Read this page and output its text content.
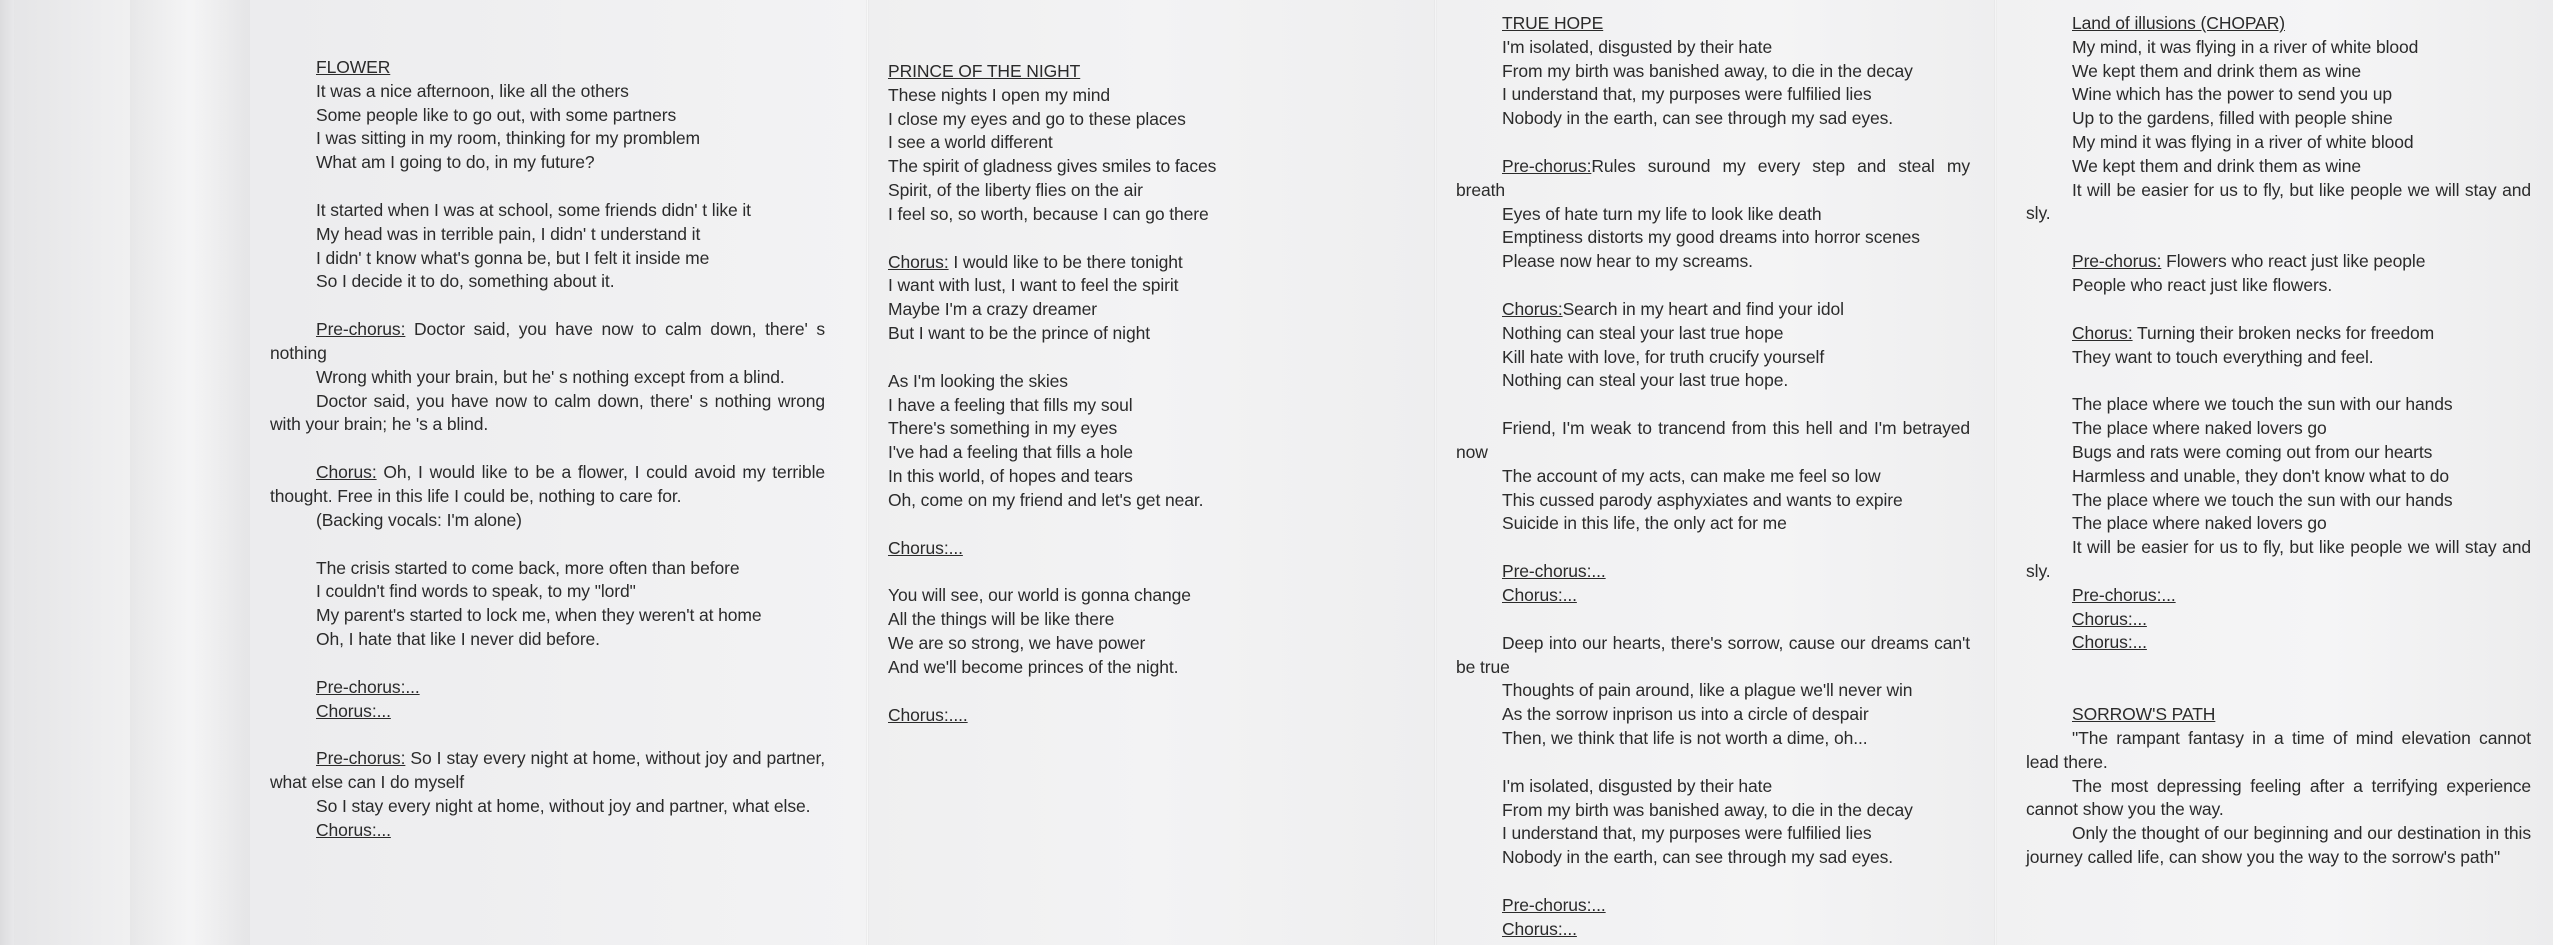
FLOWER

It was a nice afternoon, like all the others

Some people like to go out, with some partners

I was sitting in my room, thinking for my promblem

What am I going to do, in my future?

It started when I was at school, some friends didn' t like it

My head was in terrible pain, I didn' t understand it

I didn' t know what's gonna be, but I felt it inside me

So I decide it to do, something about it.

Pre-chorus: Doctor said, you have now to calm down, there' s nothing

Wrong whith your brain, but he' s nothing except from a blind.

Doctor said, you have now to calm down, there' s nothing wrong with your brain; he 's a blind.

Chorus: Oh, I would like to be a flower, I could avoid my terrible thought. Free in this life I could be, nothing to care for.

(Backing vocals: I'm alone)

The crisis started to come back, more often than before

I couldn't find words to speak, to my "lord"

My parent's started to lock me, when they weren't at home

Oh, I hate that like I never did before.

Pre-chorus:...

Chorus:...

Pre-chorus: So I stay every night at home, without joy and partner, what else can I do myself

So I stay every night at home, without joy and partner, what else.

Chorus:...

PRINCE OF THE NIGHT

These nights I open my mind

I close my eyes and go to these places

I see a world different

The spirit of gladness gives smiles to faces

Spirit, of the liberty flies on the air

I feel so, so worth, because I can go there

Chorus: I would like to be there tonight

I want with lust, I want to feel the spirit

Maybe I'm a crazy dreamer

But I want to be the prince of night

As I'm looking the skies

I have a feeling that fills my soul

There's something in my eyes

I've had a feeling that fills a hole

In this world, of hopes and tears

Oh, come on my friend and let's get near.

Chorus:...

You will see, our world is gonna change

All the things will be like there

We are so strong, we have power

And we'll become princes of the night.

Chorus:....

TRUE HOPE

I'm isolated, disgusted by their hate

From my birth was banished away, to die in the decay

I understand that, my purposes were fulfilied lies

Nobody in the earth, can see through my sad eyes.

Pre-chorus:Rules suround my every step and steal my breath

Eyes of hate turn my life to look like death

Emptiness distorts my good dreams into horror scenes

Please now hear to my screams.

Chorus:Search in my heart and find your idol

Nothing can steal your last true hope

Kill hate with love, for truth crucify yourself

Nothing can steal your last true hope.

Friend, I'm weak to trancend from this hell and I'm betrayed now

The account of my acts, can make me feel so low

This cussed parody asphyxiates and wants to expire

Suicide in this life, the only act for me

Pre-chorus:...

Chorus:...

Deep into our hearts, there's sorrow, cause our dreams can't be true

Thoughts of pain around, like a plague we'll never win

As the sorrow inprison us into a circle of despair

Then, we think that life is not worth a dime, oh...

I'm isolated, disgusted by their hate

From my birth was banished away, to die in the decay

I understand that, my purposes were fulfilied lies

Nobody in the earth, can see through my sad eyes.

Pre-chorus:...

Chorus:...

Land of illusions (CHOPAR)

My mind, it was flying in a river of white blood

We kept them and drink them as wine

Wine which has the power to send you up

Up to the gardens, filled with people shine

My mind it was flying in a river of white blood

We kept them and drink them as wine

It will be easier for us to fly, but like people we will stay and sly.

Pre-chorus: Flowers who react just like people

People who react just like flowers.

Chorus: Turning their broken necks for freedom

They want to touch everything and feel.

The place where we touch the sun with our hands

The place where naked lovers go

Bugs and rats were coming out from our hearts

Harmless and unable, they don't know what to do

The place where we touch the sun with our hands

The place where naked lovers go

It will be easier for us to fly, but like people we will stay and sly.

Pre-chorus:...

Chorus:...

Chorus:...

SORROW'S PATH

"The rampant fantasy in a time of mind elevation cannot lead there.

The most depressing feeling after a terrifying experience cannot show you the way.

Only the thought of our beginning and our destination in this journey called life, can show you the way to the sorrow's path"
